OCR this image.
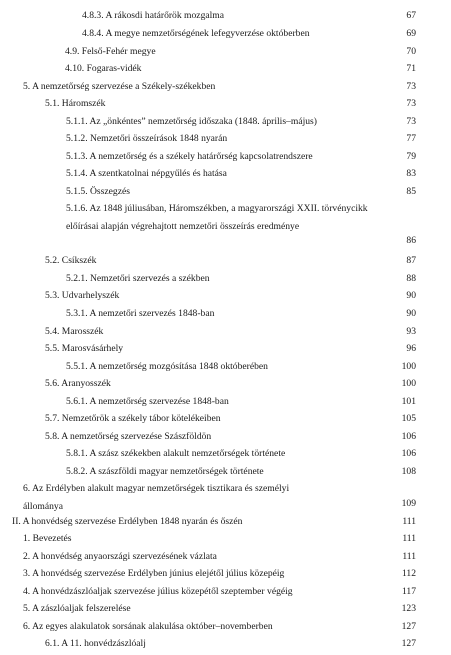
4.8.3. A rákosdi határőrök mozgalma	67
4.8.4. A megye nemzetőrségének lefegyverzése októberben	69
4.9. Felső-Fehér megye	70
4.10. Fogaras-vidék	71
5. A nemzetőrség szervezése a Székely-székekben	73
5.1. Háromszék	73
5.1.1. Az „önkéntes” nemzetőrség időszaka (1848. április–május)	73
5.1.2. Nemzetőri összeírások 1848 nyarán	77
5.1.3. A nemzetőrség és a székely határőrség kapcsolatrendszere	79
5.1.4. A szentkatolnai népgyűlés és hatása	83
5.1.5. Összegzés	85
5.1.6. Az 1848 júliusában, Háromszékben, a magyarországi XXII. törvénycikk előírásai alapján végrehajtott nemzetőri összeírás eredménye
86
5.2. Csíkszék	87
5.2.1. Nemzetőri szervezés a székben	88
5.3. Udvarhelyszék	90
5.3.1. A nemzetőri szervezés 1848-ban	90
5.4. Marosszék	93
5.5. Marosvásárhely	96
5.5.1. A nemzetőrség mozgósítása 1848 októberében	100
5.6. Aranyosszék	100
5.6.1. A nemzetőrség szervezése 1848-ban	101
5.7. Nemzetőrök a székely tábor kötelékeiben	105
5.8. A nemzetőrség szervezése Szászföldön	106
5.8.1. A szász székekben alakult nemzetőrségek története	106
5.8.2. A szászföldi magyar nemzetőrségek története	108
6. Az Erdélyben alakult magyar nemzetőrségek tisztikara és személyi állománya	109
II. A honvédség szervezése Erdélyben 1848 nyarán és őszén	111
1. Bevezetés	111
2. A honvédség anyaországi szervezésének vázlata	111
3. A honvédség szervezése Erdélyben június elejétől július közepéig	112
4. A honvédzászlóaljak szervezése július közepétől szeptember végéig	117
5. A zászlóaljak felszerelése	123
6. Az egyes alakulatok sorsának alakulása október–novemberben	127
6.1. A 11. honvédzászlóalj	127
